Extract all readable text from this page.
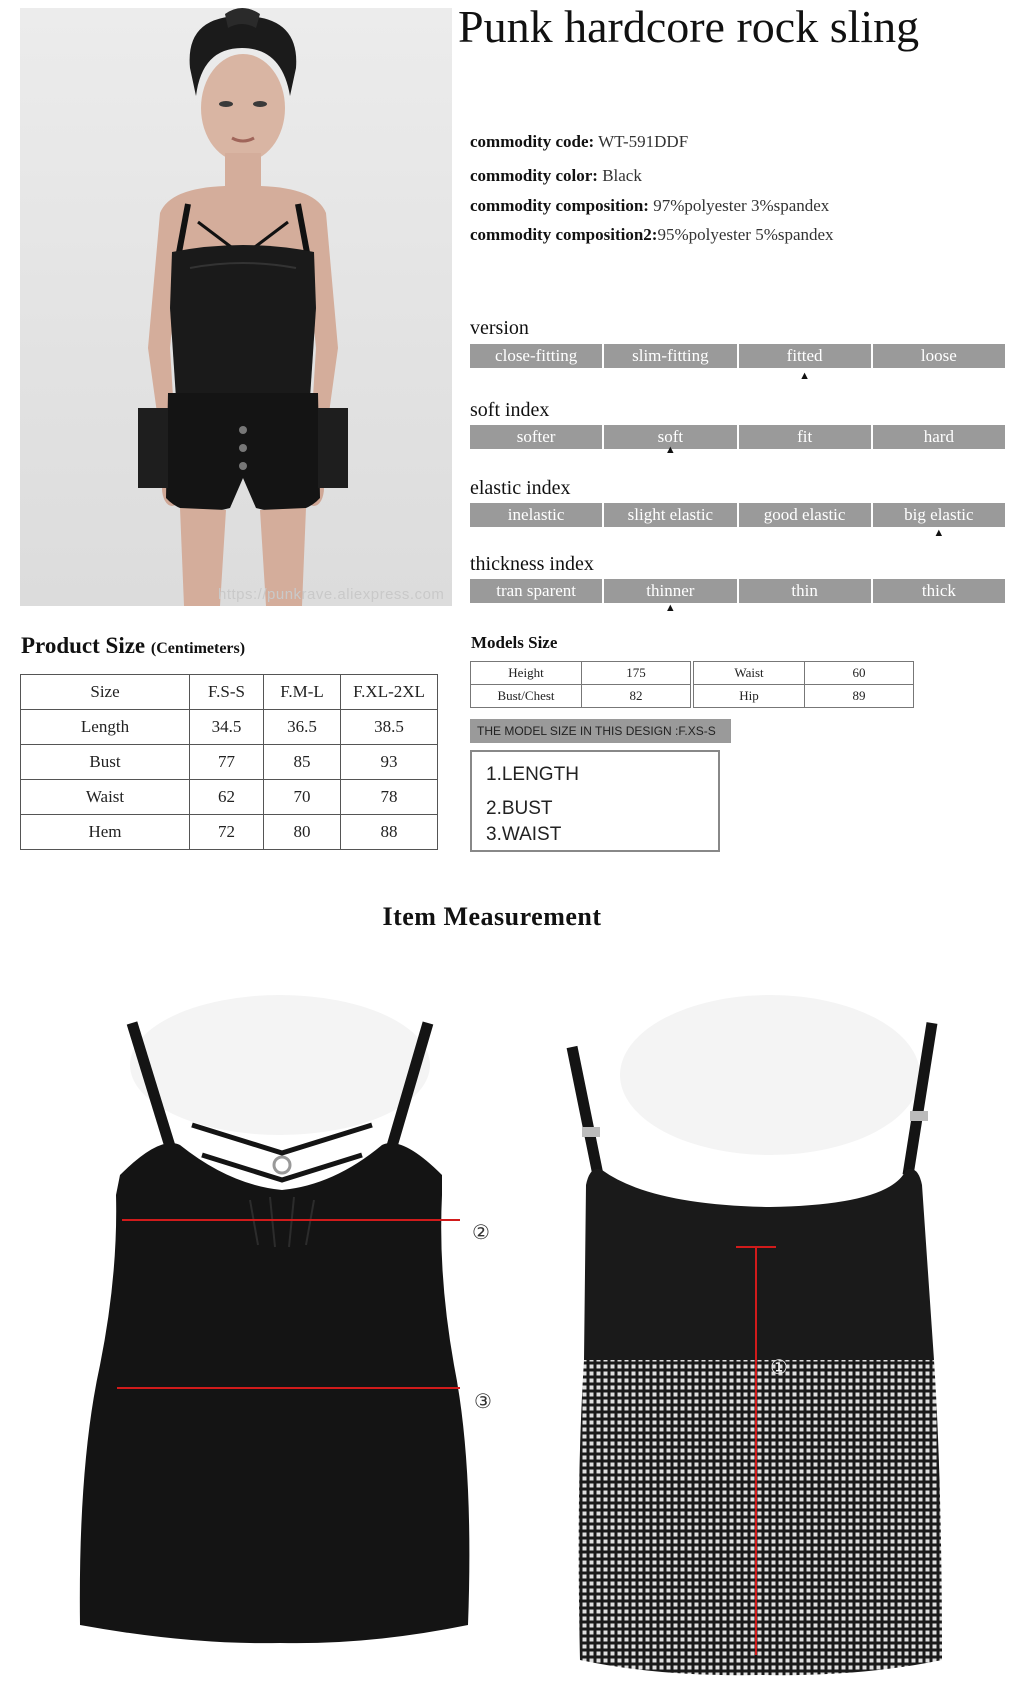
https://punkrave.aliexpress.com
Punk hardcore rock sling
commodity code: WT-591DDF
commodity color: Black
commodity composition: 97%polyester 3%spandex
commodity composition2:95%polyester 5%spandex
version
close-fitting	slim-fitting	fitted	loose
▲
soft index
softer	soft	fit	hard
▲
elastic index
inelastic	slight elastic	good elastic	big elastic
▲
thickness index
tran sparent	thinner	thin	thick
▲
Product Size (Centimeters)
Size	F.S-S	F.M-L	F.XL-2XL
Length	34.5	36.5	38.5
Bust	77	85	93
Waist	62	70	78
Hem	72	80	88
Models Size
Height	175
Bust/Chest	82
Waist	60
Hip	89
THE MODEL SIZE IN THIS DESIGN :F.XS-S
1.LENGTH
2.BUST
3.WAIST
Item Measurement
②
③
①
